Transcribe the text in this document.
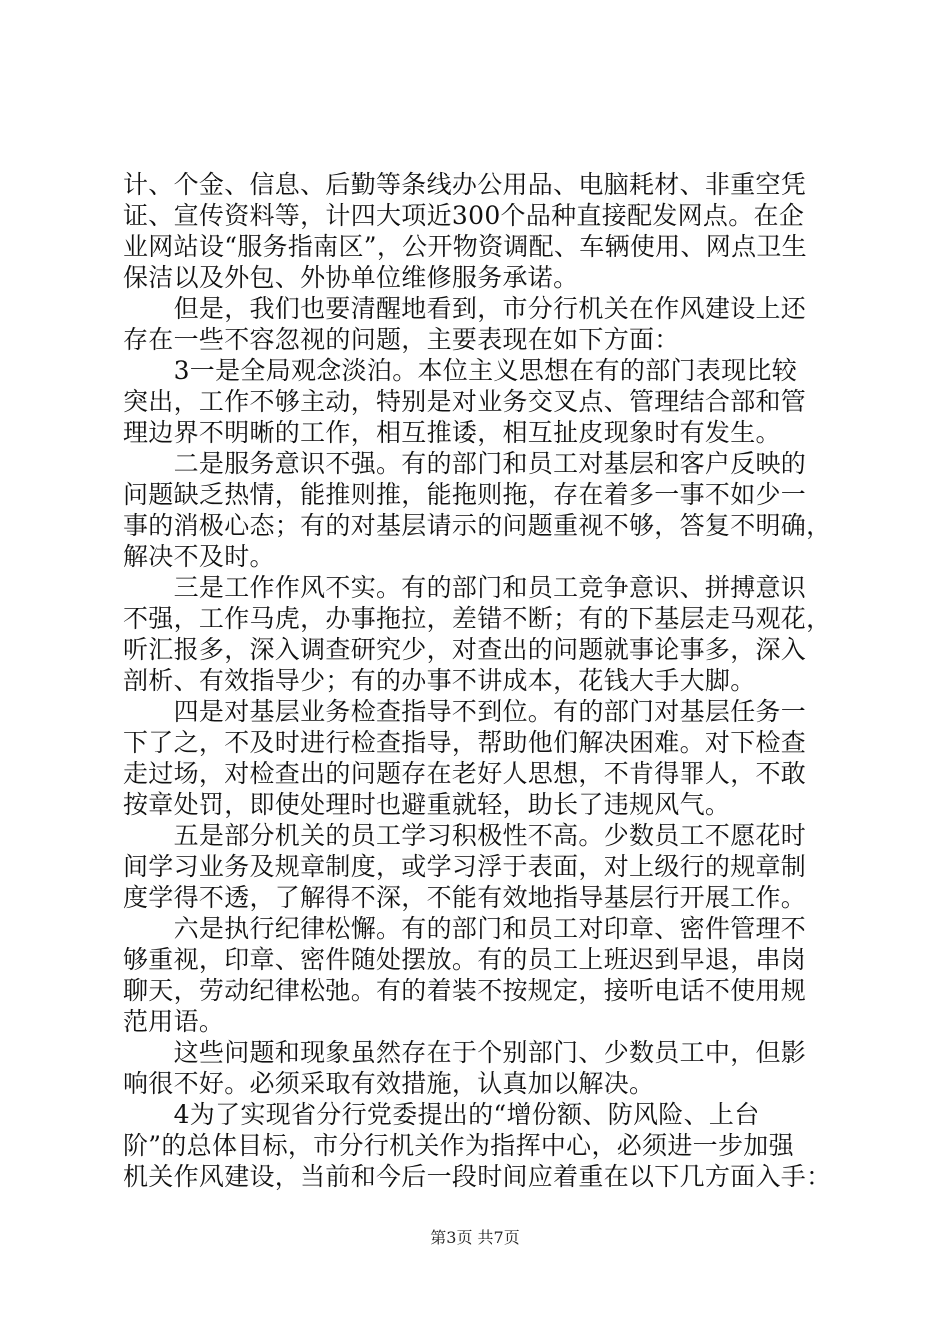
计、个金、信息、后勤等条线办公用品、电脑耗材、非重空凭
证、宣传资料等，计四大项近300个品种直接配发网点。在企
业网站设“服务指南区”，公开物资调配、车辆使用、网点卫生
保洁以及外包、外协单位维修服务承诺。
　　但是，我们也要清醒地看到，市分行机关在作风建设上还
存在一些不容忽视的问题，主要表现在如下方面：
　　3一是全局观念淡泊。本位主义思想在有的部门表现比较
突出，工作不够主动，特别是对业务交叉点、管理结合部和管
理边界不明晰的工作，相互推诿，相互扯皮现象时有发生。
　　二是服务意识不强。有的部门和员工对基层和客户反映的
问题缺乏热情，能推则推，能拖则拖，存在着多一事不如少一
事的消极心态；有的对基层请示的问题重视不够，答复不明确，
解决不及时。
　　三是工作作风不实。有的部门和员工竞争意识、拼搏意识
不强，工作马虎，办事拖拉，差错不断；有的下基层走马观花，
听汇报多，深入调查研究少，对查出的问题就事论事多，深入
剖析、有效指导少；有的办事不讲成本，花钱大手大脚。
　　四是对基层业务检查指导不到位。有的部门对基层任务一
下了之，不及时进行检查指导，帮助他们解决困难。对下检查
走过场，对检查出的问题存在老好人思想，不肯得罪人，不敢
按章处罚，即使处理时也避重就轻，助长了违规风气。
　　五是部分机关的员工学习积极性不高。少数员工不愿花时
间学习业务及规章制度，或学习浮于表面，对上级行的规章制
度学得不透，了解得不深，不能有效地指导基层行开展工作。
　　六是执行纪律松懈。有的部门和员工对印章、密件管理不
够重视，印章、密件随处摆放。有的员工上班迟到早退，串岗
聊天，劳动纪律松弛。有的着装不按规定，接听电话不使用规
范用语。
　　这些问题和现象虽然存在于个别部门、少数员工中，但影
响很不好。必须采取有效措施，认真加以解决。
　　4为了实现省分行党委提出的“增份额、防风险、上台
阶”的总体目标，市分行机关作为指挥中心，必须进一步加强
机关作风建设，当前和今后一段时间应着重在以下几方面入手：
第3页 共7页
